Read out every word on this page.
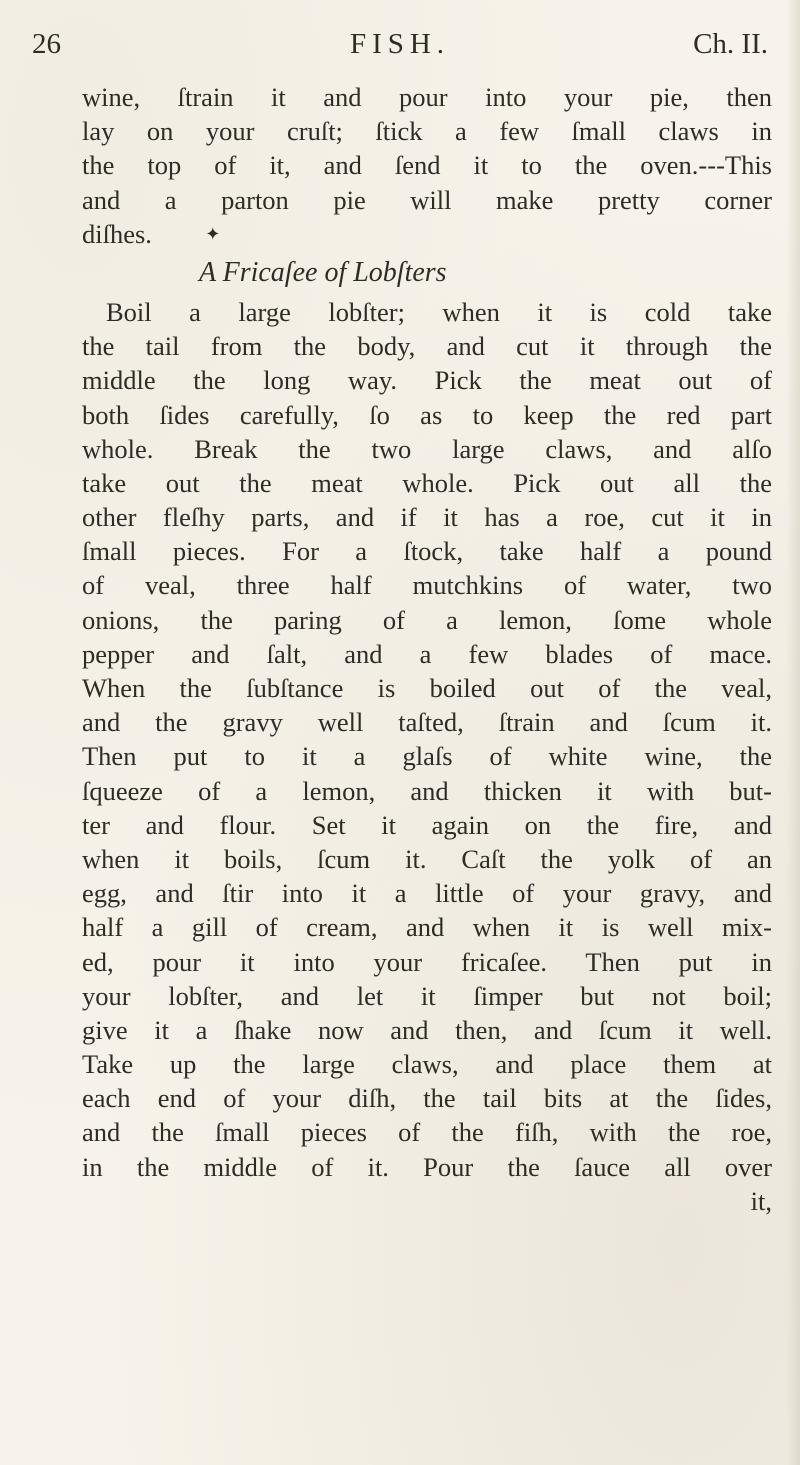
26	FISH.	Ch. II.
wine, ſtrain it and pour into your pie, then
lay on your cruſt; ſtick a few ſmall claws in
the top of it, and ſend it to the oven.---This
and a parton pie will make pretty corner
diſhes.	✦
A Fricaſee of Lobſters
Boil a large lobſter; when it is cold take
the tail from the body, and cut it through the
middle the long way. Pick the meat out of
both ſides carefully, ſo as to keep the red part
whole. Break the two large claws, and alſo
take out the meat whole. Pick out all the
other fleſhy parts, and if it has a roe, cut it in
ſmall pieces. For a ſtock, take half a pound
of veal, three half mutchkins of water, two
onions, the paring of a lemon, ſome whole
pepper and ſalt, and a few blades of mace.
When the ſubſtance is boiled out of the veal,
and the gravy well taſted, ſtrain and ſcum it.
Then put to it a glaſs of white wine, the
ſqueeze of a lemon, and thicken it with but-
ter and flour. Set it again on the fire, and
when it boils, ſcum it. Caſt the yolk of an
egg, and ſtir into it a little of your gravy, and
half a gill of cream, and when it is well mix-
ed, pour it into your fricaſee. Then put in
your lobſter, and let it ſimper but not boil;
give it a ſhake now and then, and ſcum it well.
Take up the large claws, and place them at
each end of your diſh, the tail bits at the ſides,
and the ſmall pieces of the fiſh, with the roe,
in the middle of it. Pour the ſauce all over
it,
